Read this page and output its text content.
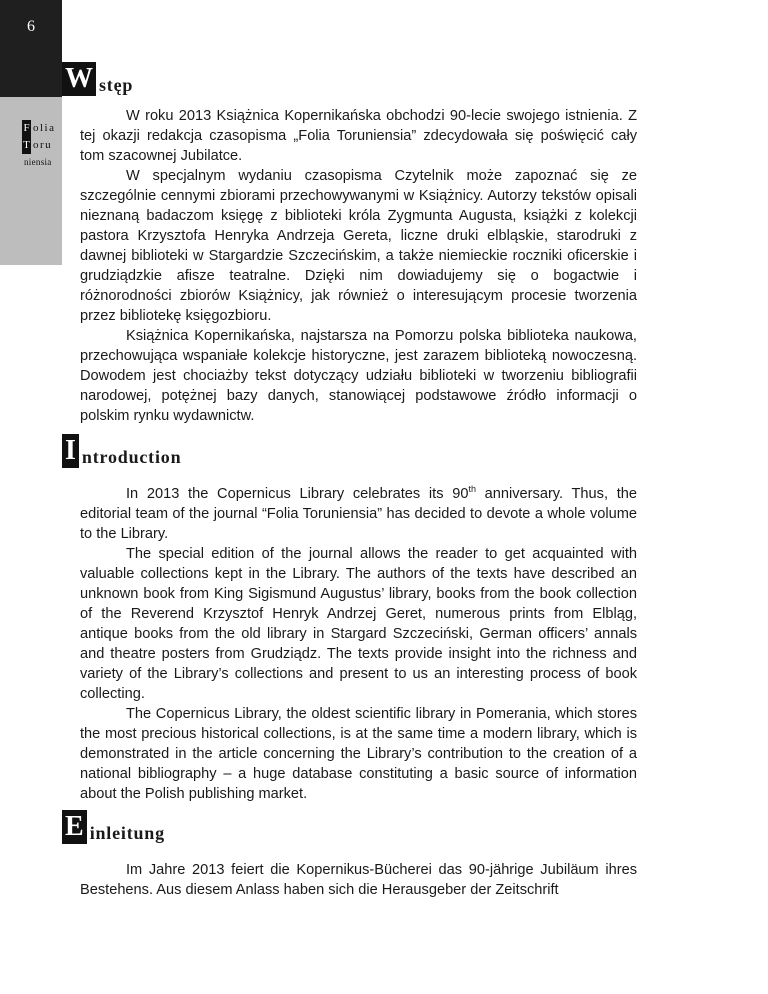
6
F olia
T oru
niensia
W stęp

W roku 2013 Książnica Kopernikańska obchodzi 90-lecie swojego istnienia. Z tej okazji redakcja czasopisma „Folia Toruniensia” zdecydowała się poświęcić cały tom szacownej Jubilatce.

W specjalnym wydaniu czasopisma Czytelnik może zapoznać się ze szczególnie cennymi zbiorami przechowywanymi w Książnicy. Autorzy tekstów opisali nieznaną badaczom księgę z biblioteki króla Zygmunta Augusta, książki z kolekcji pastora Krzysztofa Henryka Andrzeja Gereta, liczne druki elbląskie, starodruki z dawnej biblioteki w Stargardzie Szczecińskim, a także niemieckie roczniki oficerskie i grudziądzkie afisze teatralne. Dzięki nim dowiadujemy się o bogactwie i różnorodności zbiorów Książnicy, jak również o interesującym procesie tworzenia przez bibliotekę księgozbioru.

Książnica Kopernikańska, najstarsza na Pomorzu polska biblioteka naukowa, przechowująca wspaniałe kolekcje historyczne, jest zarazem biblioteką nowoczesną. Dowodem jest chociażby tekst dotyczący udziału biblioteki w tworzeniu bibliografii narodowej, potężnej bazy danych, stanowiącej podstawowe źródło informacji o polskim rynku wydawnictw.

I ntroduction

In 2013 the Copernicus Library celebrates its 90th anniversary. Thus, the editorial team of the journal “Folia Toruniensia” has decided to devote a whole volume to the Library.

The special edition of the journal allows the reader to get acquainted with valuable collections kept in the Library. The authors of the texts have described an unknown book from King Sigismund Augustus’ library, books from the book collection of the Reverend Krzysztof Henryk Andrzej Geret, numerous prints from Elbląg, antique books from the old library in Stargard Szczeciński, German officers’ annals and theatre posters from Grudziądz. The texts provide insight into the richness and variety of the Library’s collections and present to us an interesting process of book collecting.

The Copernicus Library, the oldest scientific library in Pomerania, which stores the most precious historical collections, is at the same time a modern library, which is demonstrated in the article concerning the Library’s contribution to the creation of a national bibliography – a huge database constituting a basic source of information about the Polish publishing market.

E inleitung

Im Jahre 2013 feiert die Kopernikus-Bücherei das 90-jährige Jubiläum ihres Bestehens. Aus diesem Anlass haben sich die Herausgeber der Zeitschrift
